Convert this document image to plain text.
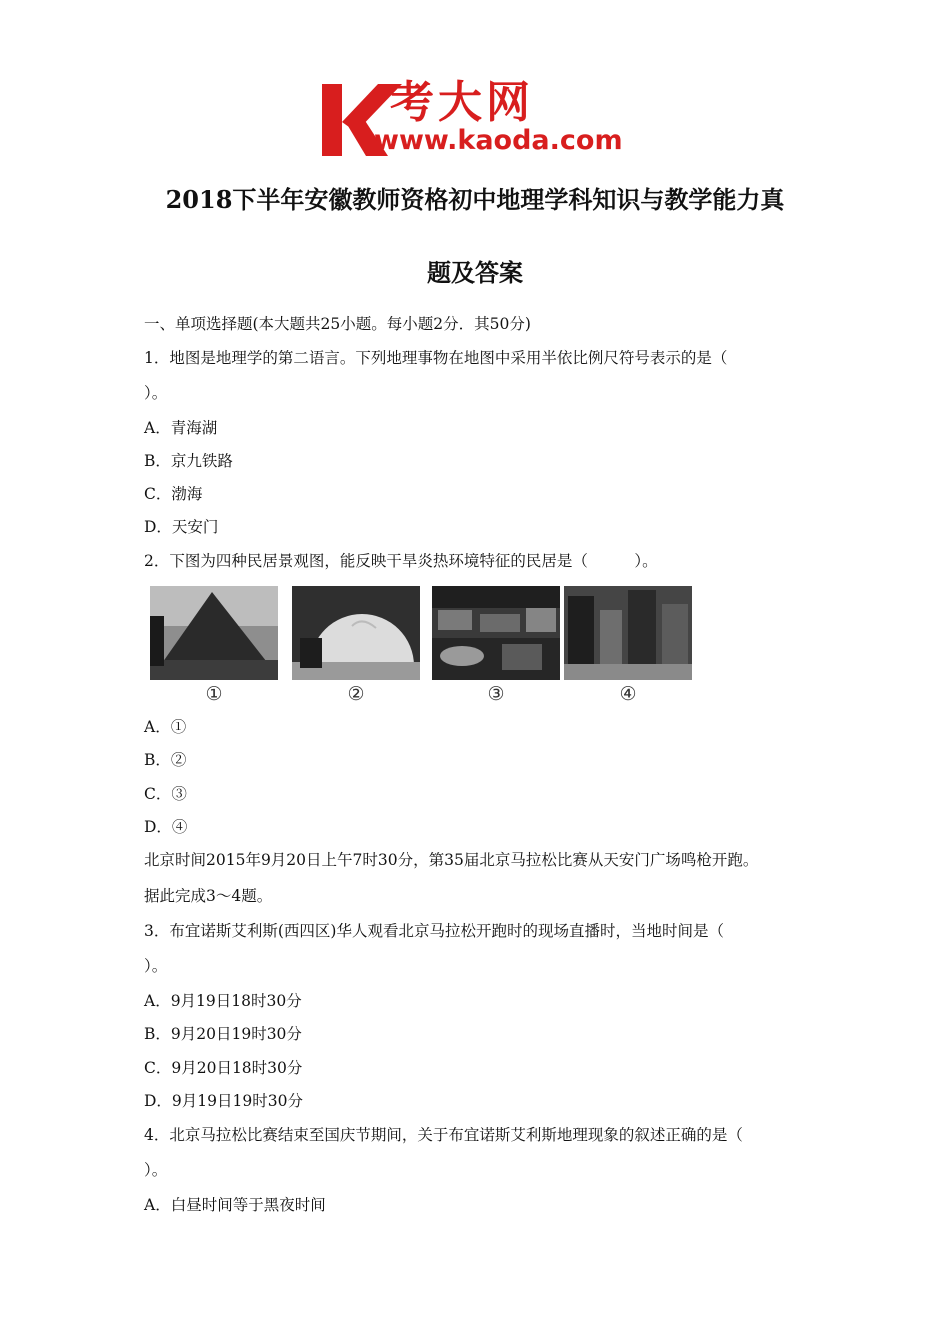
考大网
www.kaoda.com
2018下半年安徽教师资格初中地理学科知识与教学能力真
题及答案
一、单项选择题(本大题共25小题。每小题2分．其50分)
1．地图是地理学的第二语言。下列地理事物在地图中采用半依比例尺符号表示的是（
）。
A．青海湖
B．京九铁路
C．渤海
D．天安门
2．下图为四种民居景观图，能反映干旱炎热环境特征的民居是（　　　）。
①	②	③	④
A．①
B．②
C．③
D．④
北京时间2015年9月20日上午7时30分，第35届北京马拉松比赛从天安门广场鸣枪开跑。
据此完成3～4题。
3．布宜诺斯艾利斯(西四区)华人观看北京马拉松开跑时的现场直播时，当地时间是（
）。
A．9月19日18时30分
B．9月20日19时30分
C．9月20日18时30分
D．9月19日19时30分
4．北京马拉松比赛结束至国庆节期间，关于布宜诺斯艾利斯地理现象的叙述正确的是（
）。
A．白昼时间等于黑夜时间
